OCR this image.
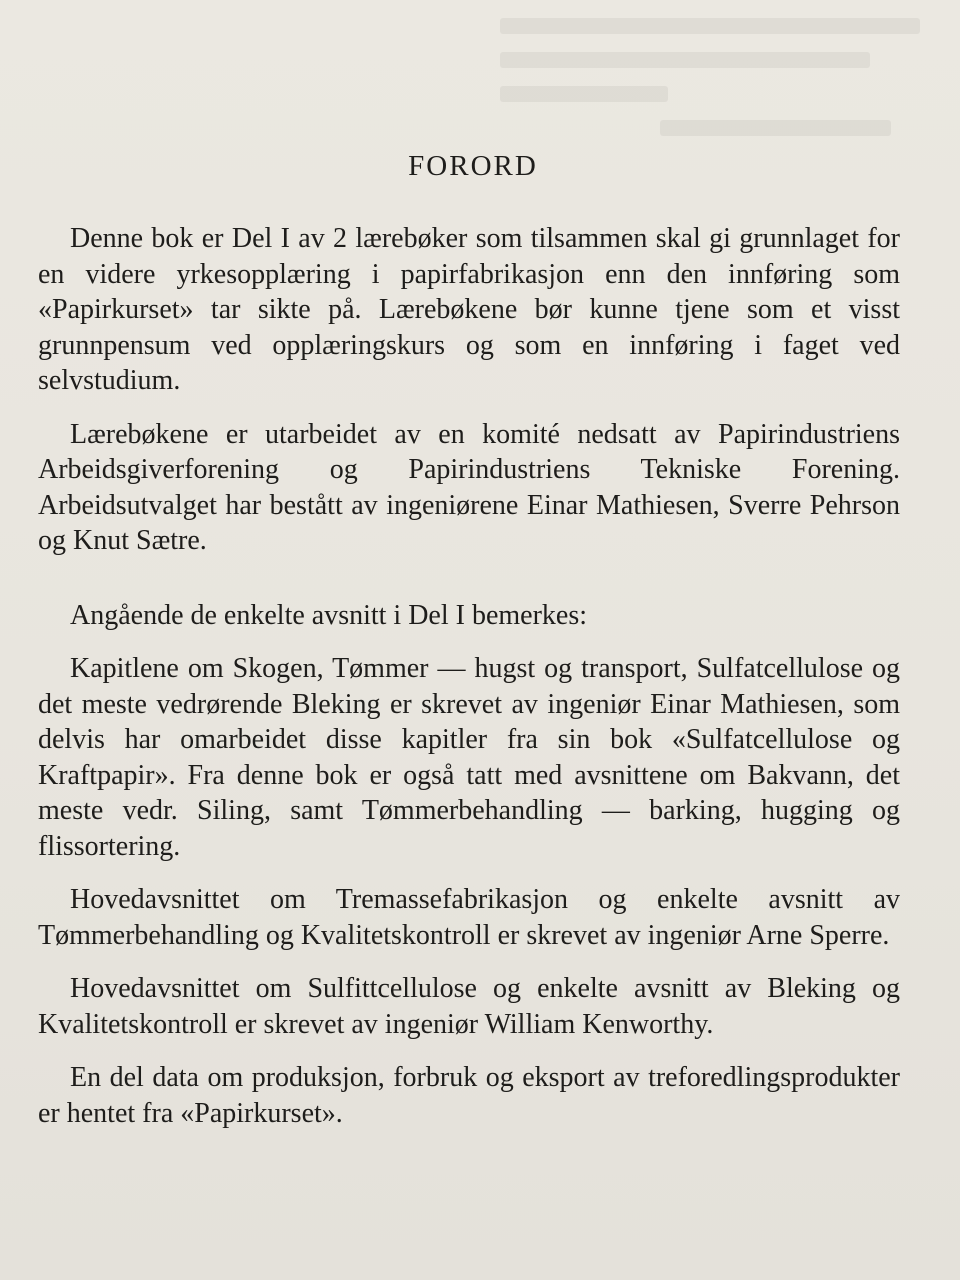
FORORD

Denne bok er Del I av 2 lærebøker som tilsammen skal gi grunnlaget for en videre yrkesopplæring i papirfabrikasjon enn den innføring som «Papirkurset» tar sikte på. Lærebøkene bør kunne tjene som et visst grunnpensum ved opplæringskurs og som en innføring i faget ved selvstudium.

Lærebøkene er utarbeidet av en komité nedsatt av Papirindustriens Arbeidsgiverforening og Papirindustriens Tekniske Forening. Arbeidsutvalget har bestått av ingeniørene Einar Mathiesen, Sverre Pehrson og Knut Sætre.

Angående de enkelte avsnitt i Del I bemerkes:

Kapitlene om Skogen, Tømmer — hugst og transport, Sulfatcellulose og det meste vedrørende Bleking er skrevet av ingeniør Einar Mathiesen, som delvis har omarbeidet disse kapitler fra sin bok «Sulfatcellulose og Kraftpapir». Fra denne bok er også tatt med avsnittene om Bakvann, det meste vedr. Siling, samt Tømmerbehandling — barking, hugging og flissortering.

Hovedavsnittet om Tremassefabrikasjon og enkelte avsnitt av Tømmerbehandling og Kvalitetskontroll er skrevet av ingeniør Arne Sperre.

Hovedavsnittet om Sulfittcellulose og enkelte avsnitt av Bleking og Kvalitetskontroll er skrevet av ingeniør William Kenworthy.

En del data om produksjon, forbruk og eksport av treforedlingsprodukter er hentet fra «Papirkurset».
